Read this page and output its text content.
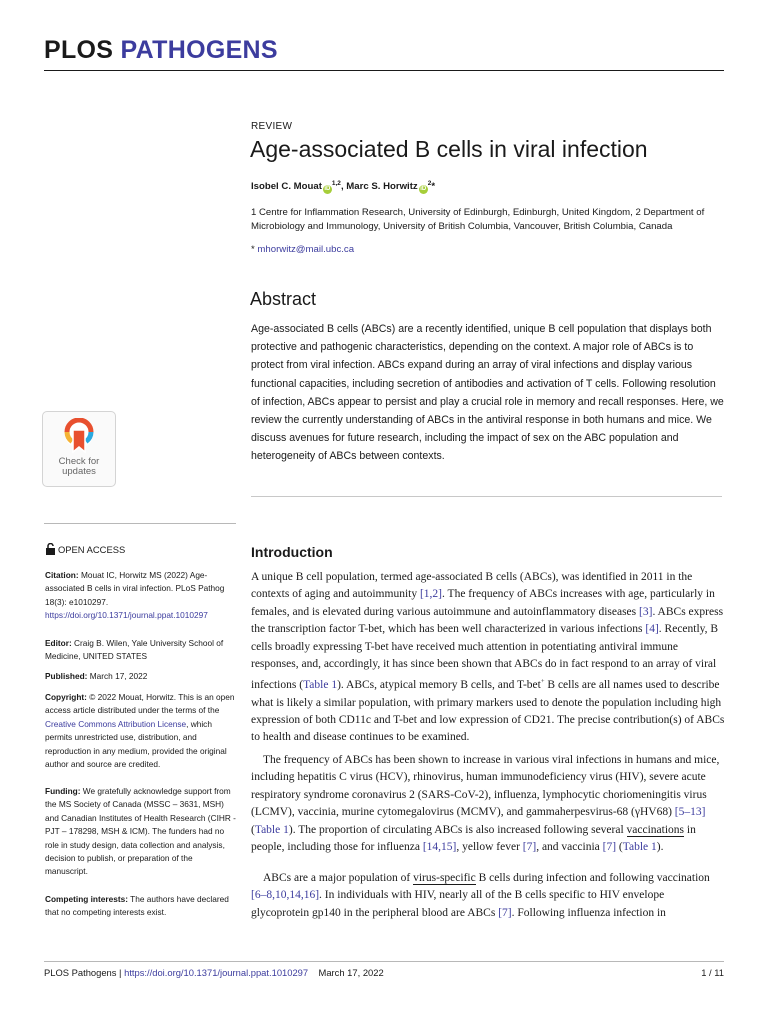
PLOS PATHOGENS
REVIEW
Age-associated B cells in viral infection
Isobel C. Mouat iD$^{1,2}$, Marc S. Horwitz $iD^2*$
1 Centre for Inflammation Research, University of Edinburgh, Edinburgh, United Kingdom, 2 Department of Microbiology and Immunology, University of British Columbia, Vancouver, British Columbia, Canada
* mhorwitz@mail.ubc.ca
Abstract

Age-associated B cells (ABCs) are a recently identified, unique B cell population that displays both protective and pathogenic characteristics, depending on the context. A major role of ABCs is to protect from viral infection. ABCs expand during an array of viral infections and display various functional capacities, including secretion of antibodies and activation of T cells. Following resolution of infection, ABCs appear to persist and play a crucial role in memory and recall responses. Here, we review the currently understanding of ABCs in the antiviral response in both humans and mice. We discuss avenues for future research, including the impact of sex on the ABC population and heterogeneity of ABCs between contexts.

Check for
updates
OPEN ACCESS

Citation: Mouat IC, Horwitz MS (2022) Age-associated B cells in viral infection. PLoS Pathog 18(3): e1010297. https://doi.org/10.1371/journal.ppat.1010297

Editor: Craig B. Wilen, Yale University School of Medicine, UNITED STATES

Published: March 17, 2022

Copyright: © 2022 Mouat, Horwitz. This is an open access article distributed under the terms of the Creative Commons Attribution License, which permits unrestricted use, distribution, and reproduction in any medium, provided the original author and source are credited.

Funding: We gratefully acknowledge support from the MS Society of Canada (MSSC – 3631, MSH) and Canadian Institutes of Health Research (CIHR - PJT – 178298, MSH & ICM). The funders had no role in study design, data collection and analysis, decision to publish, or preparation of the manuscript.

Competing interests: The authors have declared that no competing interests exist.

Introduction

A unique B cell population, termed age-associated B cells (ABCs), was identified in 2011 in the contexts of aging and autoimmunity [1,2]. The frequency of ABCs increases with age, particularly in females, and is elevated during various autoimmune and autoinflammatory diseases [3]. ABCs express the transcription factor T-bet, which has been well characterized in various infections [4]. Recently, B cells broadly expressing T-bet have received much attention in potentiating antiviral immune responses, and, accordingly, it has since been shown that ABCs do in fact respond to an array of viral infections (Table 1). ABCs, atypical memory B cells, and T-bet+ B cells are all names used to describe what is likely a similar population, with primary markers used to denote the population including high expression of both CD11c and T-bet and low expression of CD21. The precise contribution(s) of ABCs to health and disease continues to be examined.

The frequency of ABCs has been shown to increase in various viral infections in humans and mice, including hepatitis C virus (HCV), rhinovirus, human immunodeficiency virus (HIV), severe acute respiratory syndrome coronavirus 2 (SARS-CoV-2), influenza, lymphocytic choriomeningitis virus (LCMV), vaccinia, murine cytomegalovirus (MCMV), and gammaherpesvirus-68 (γHV68) [5–13] (Table 1). The proportion of circulating ABCs is also increased following several vaccinations in people, including those for influenza [14,15], yellow fever [7], and vaccinia [7] (Table 1).

ABCs are a major population of virus-specific B cells during infection and following vaccination [6–8,10,14,16]. In individuals with HIV, nearly all of the B cells specific to HIV envelope glycoprotein gp140 in the peripheral blood are ABCs [7]. Following influenza infection in

PLOS Pathogens | https://doi.org/10.1371/journal.ppat.1010297 March 17, 2022	1 / 11
